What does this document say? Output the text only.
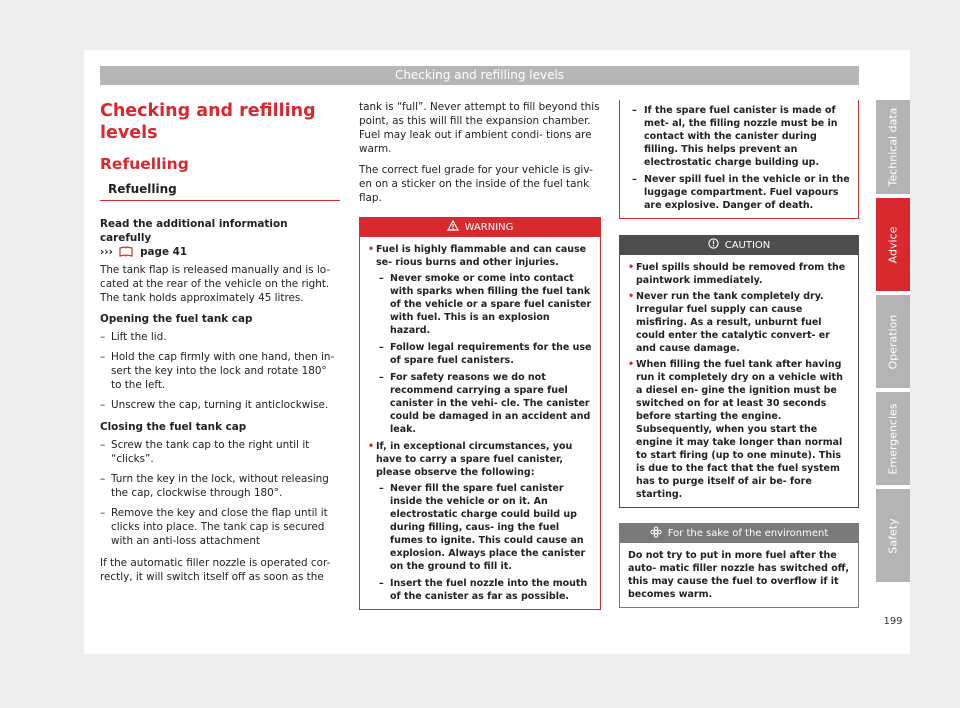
Checking and refilling levels
Checking and refilling levels
Refuelling
Refuelling

Read the additional information carefully
›››	page 41

The tank flap is released manually and is lo- cated at the rear of the vehicle on the right. The tank holds approximately 45 litres.

Opening the fuel tank cap

– Lift the lid.
– Hold the cap firmly with one hand, then in- sert the key into the lock and rotate 180° to the left.
– Unscrew the cap, turning it anticlockwise.

Closing the fuel tank cap

– Screw the tank cap to the right until it “clicks”.
– Turn the key in the lock, without releasing the cap, clockwise through 180°.
– Remove the key and close the flap until it clicks into place. The tank cap is secured with an anti-loss attachment

If the automatic filler nozzle is operated cor- rectly, it will switch itself off as soon as the

tank is “full”. Never attempt to fill beyond this point, as this will fill the expansion chamber. Fuel may leak out if ambient condi- tions are warm.

The correct fuel grade for your vehicle is giv- en on a sticker on the inside of the fuel tank flap.

WARNING
• Fuel is highly flammable and can cause se- rious burns and other injuries.
– Never smoke or come into contact with sparks when filling the fuel tank of the vehicle or a spare fuel canister with fuel. This is an explosion hazard.
– Follow legal requirements for the use of spare fuel canisters.
– For safety reasons we do not recommend carrying a spare fuel canister in the vehi- cle. The canister could be damaged in an accident and leak.
• If, in exceptional circumstances, you have to carry a spare fuel canister, please observe the following:
– Never fill the spare fuel canister inside the vehicle or on it. An electrostatic charge could build up during filling, caus- ing the fuel fumes to ignite. This could cause an explosion. Always place the canister on the ground to fill it.
– Insert the fuel nozzle into the mouth of the canister as far as possible.
– If the spare fuel canister is made of met- al, the filling nozzle must be in contact with the canister during filling. This helps prevent an electrostatic charge building up.
– Never spill fuel in the vehicle or in the luggage compartment. Fuel vapours are explosive. Danger of death.
CAUTION
• Fuel spills should be removed from the paintwork immediately.
• Never run the tank completely dry. Irregular fuel supply can cause misfiring. As a result, unburnt fuel could enter the catalytic convert- er and cause damage.
• When filling the fuel tank after having run it completely dry on a vehicle with a diesel en- gine the ignition must be switched on for at least 30 seconds before starting the engine. Subsequently, when you start the engine it may take longer than normal to start firing (up to one minute). This is due to the fact that the fuel system has to purge itself of air be- fore starting.
For the sake of the environment
Do not try to put in more fuel after the auto- matic filler nozzle has switched off, this may cause the fuel to overflow if it becomes warm.
Technical data
Advice
Operation
Emergencies
Safety
199
